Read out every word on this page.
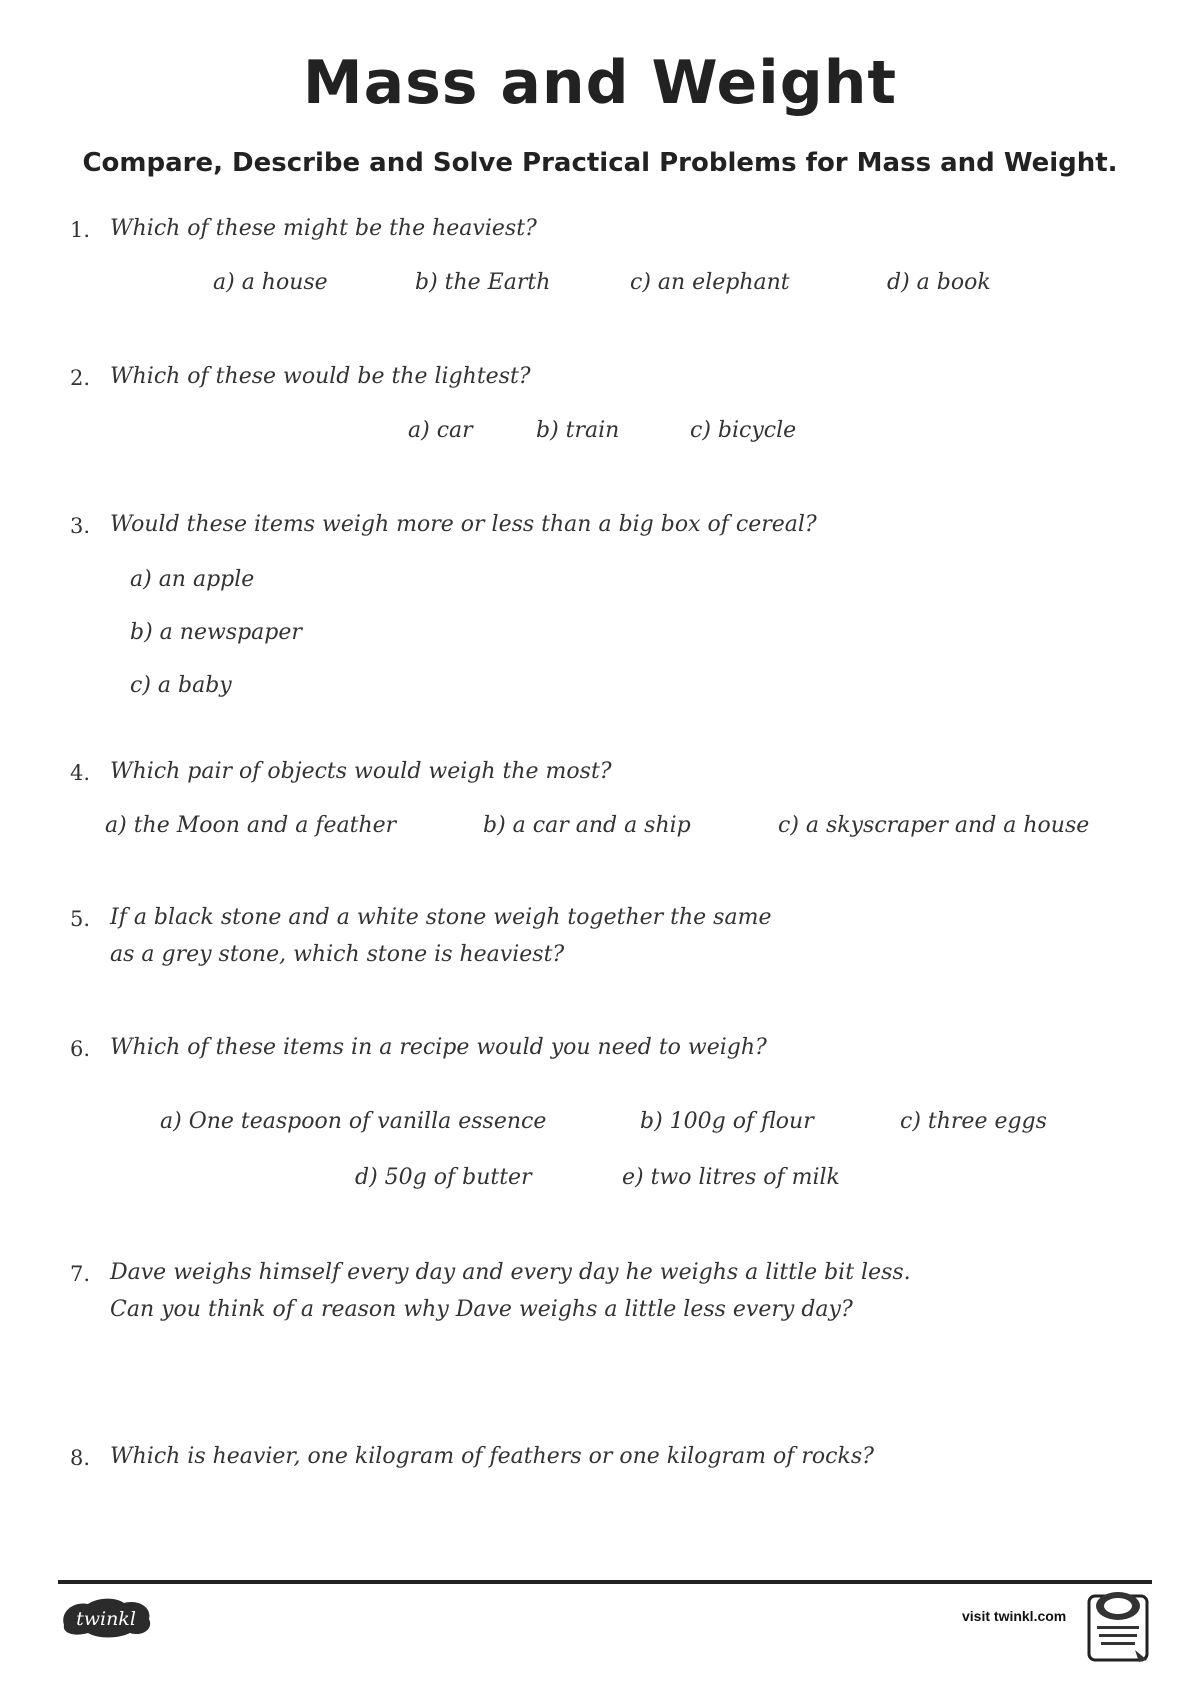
Mass and Weight
Compare, Describe and Solve Practical Problems for Mass and Weight.
1. Which of these might be the heaviest?
a) a house	b) the Earth	c) an elephant	d) a book
2. Which of these would be the lightest?
a) car	b) train	c) bicycle
3. Would these items weigh more or less than a big box of cereal?
a) an apple
b) a newspaper
c) a baby
4. Which pair of objects would weigh the most?
a) the Moon and a feather	b) a car and a ship	c) a skyscraper and a house
5. If a black stone and a white stone weigh together the same
as a grey stone, which stone is heaviest?
6. Which of these items in a recipe would you need to weigh?
a) One teaspoon of vanilla essence	b) 100g of flour	c) three eggs
d) 50g of butter	e) two litres of milk
7. Dave weighs himself every day and every day he weighs a little bit less.
Can you think of a reason why Dave weighs a little less every day?
8. Which is heavier, one kilogram of feathers or one kilogram of rocks?
twinkl	visit twinkl.com
